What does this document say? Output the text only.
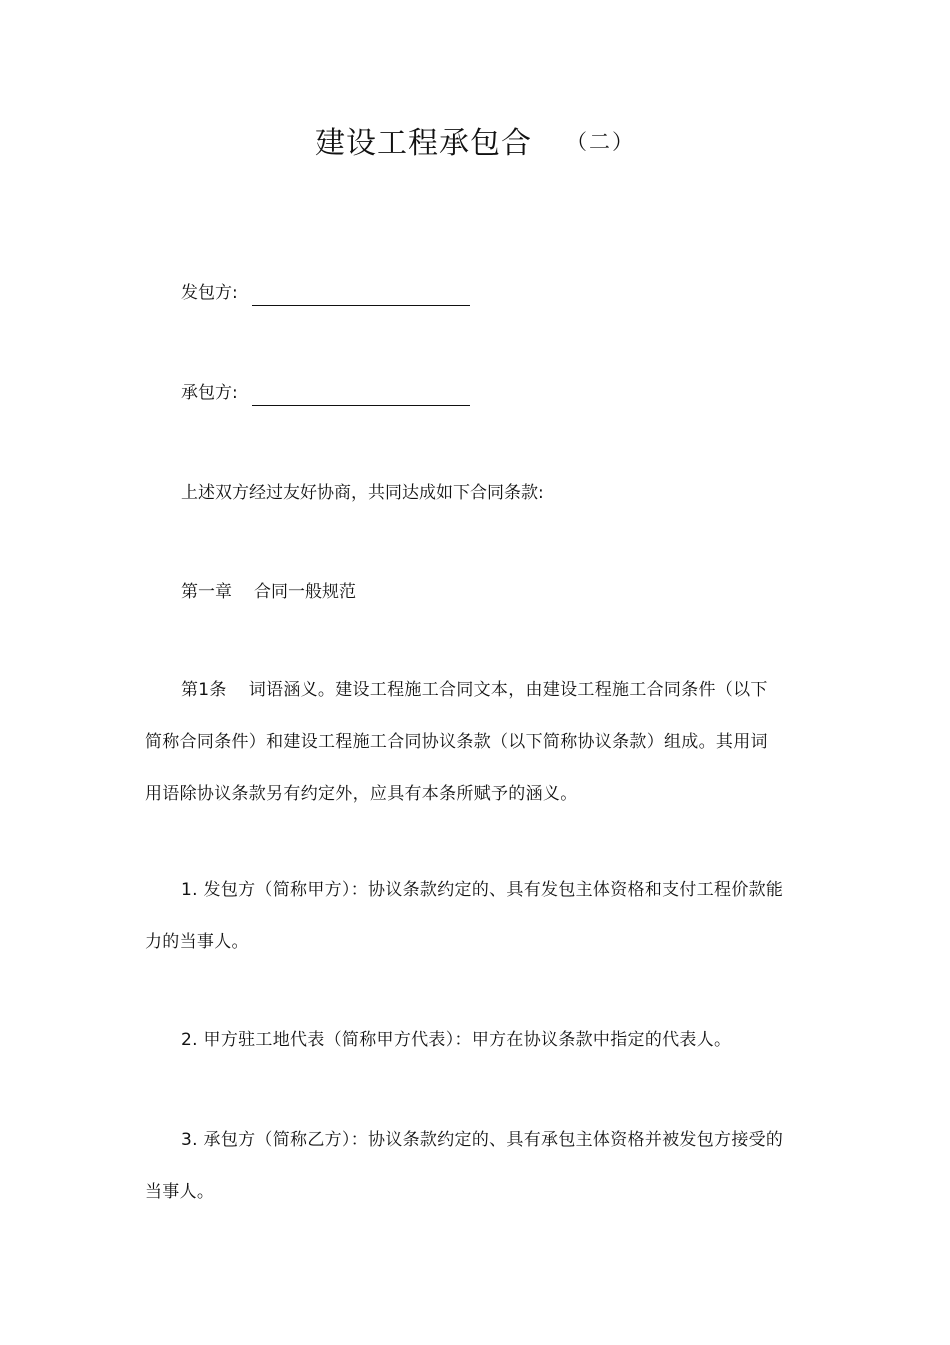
建设工程承包合 （二）
发包方:
承包方:
上述双方经过友好协商，共同达成如下合同条款:
第一章 合同一般规范

第1条 词语涵义。建设工程施工合同文本，由建设工程施工合同条件（以下简称合同条件）和建设工程施工合同协议条款（以下简称协议条款）组成。其用词用语除协议条款另有约定外，应具有本条所赋予的涵义。

1. 发包方（简称甲方）：协议条款约定的、具有发包主体资格和支付工程价款能力的当事人。

2. 甲方驻工地代表（简称甲方代表）：甲方在协议条款中指定的代表人。

3. 承包方（简称乙方）：协议条款约定的、具有承包主体资格并被发包方接受的当事人。
